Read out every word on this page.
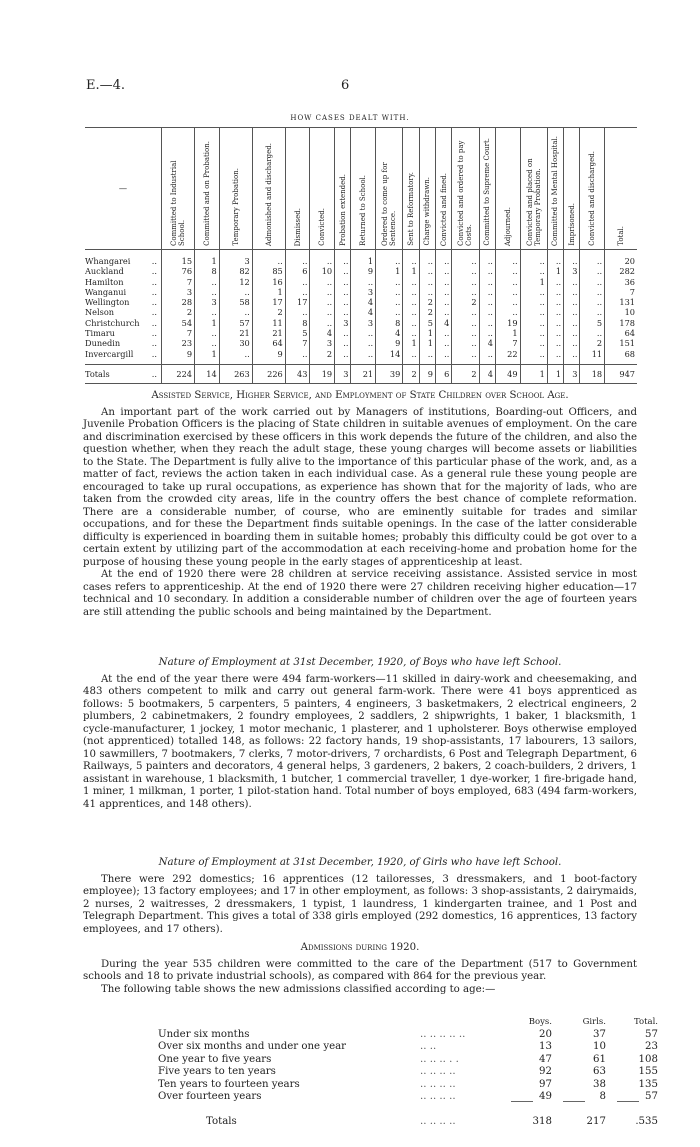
E.—4.	6
HOW CASES DEALT WITH.
—	Committed to Industrial School.	Committed and on Probation.	Temporary Probation.	Admonished and discharged.	Dismissed.	Convicted.	Probation extended.	Returned to School.	Ordered to come up for Sentence.	Sent to Reformatory.	Charge withdrawn.	Convicted and fined.	Convicted and ordered to pay Costs.	Committed to Supreme Court.	Adjourned.	Convicted and placed on Temporary Probation.	Committed to Mental Hospital.	Imprisoned.	Convicted and discharged.	Total.

Whangarei ..	15	1	3	..	..	..	..	1	..	..	..	..	..	..	..	..	..	..	..	20
Auckland ..	76	8	82	85	6	10	..	9	1	1	..	..	..	..	..	..	1	3	..	282
Hamilton ..	7	..	12	16	..	..	..	..	..	..	..	..	..	..	..	1	..	..	..	36
Wanganui ..	3	..	..	1	..	..	..	3	..	..	..	..	..	..	..	..	..	..	..	7
Wellington ..	28	3	58	17	17	..	..	4	..	..	2	..	2	..	..	..	..	..	..	131
Nelson ..	2	..	..	2	..	..	..	4	..	..	2	..	..	..	..	..	..	..	..	10
Christchurch ..	54	1	57	11	8	..	3	3	8	..	5	4	..	..	19	..	..	..	5	178
Timaru ..	7	..	21	21	5	4	..	..	4	..	1	..	..	..	1	..	..	..	..	64
Dunedin ..	23	..	30	64	7	3	..	..	9	1	1	..	..	4	7	..	..	..	2	151
Invercargill ..	9	1	..	9	..	2	..	..	14	..	..	..	..	..	22	..	..	..	11	68
Totals ..	224	14	263	226	43	19	3	21	39	2	9	6	2	4	49	1	1	3	18	947
Assisted Service, Higher Service, and Employment of State Children over School Age.

An important part of the work carried out by Managers of institutions, Boarding-out Officers, and Juvenile Probation Officers is the placing of State children in suitable avenues of employment. On the care and discrimination exercised by these officers in this work depends the future of the children, and also the question whether, when they reach the adult stage, these young charges will become assets or liabilities to the State. The Department is fully alive to the importance of this particular phase of the work, and, as a matter of fact, reviews the action taken in each individual case. As a general rule these young people are encouraged to take up rural occupations, as experience has shown that for the majority of lads, who are taken from the crowded city areas, life in the country offers the best chance of complete reformation. There are a considerable number, of course, who are eminently suitable for trades and similar occupations, and for these the Department finds suitable openings. In the case of the latter considerable difficulty is experienced in boarding them in suitable homes; probably this difficulty could be got over to a certain extent by utilizing part of the accommodation at each receiving-home and probation home for the purpose of housing these young people in the early stages of apprenticeship at least.

At the end of 1920 there were 28 children at service receiving assistance. Assisted service in most cases refers to apprenticeship. At the end of 1920 there were 27 children receiving higher education—17 technical and 10 secondary. In addition a considerable number of children over the age of fourteen years are still attending the public schools and being maintained by the Department.

Nature of Employment at 31st December, 1920, of Boys who have left School.

At the end of the year there were 494 farm-workers—11 skilled in dairy-work and cheesemaking, and 483 others competent to milk and carry out general farm-work. There were 41 boys apprenticed as follows: 5 bootmakers, 5 carpenters, 5 painters, 4 engineers, 3 basketmakers, 2 electrical engineers, 2 plumbers, 2 cabinetmakers, 2 foundry employees, 2 saddlers, 2 shipwrights, 1 baker, 1 blacksmith, 1 cycle-manufacturer, 1 jockey, 1 motor mechanic, 1 plasterer, and 1 upholsterer. Boys otherwise employed (not apprenticed) totalled 148, as follows: 22 factory hands, 19 shop-assistants, 17 labourers, 13 sailors, 10 sawmillers, 7 bootmakers, 7 clerks, 7 motor-drivers, 7 orchardists, 6 Post and Telegraph Department, 6 Railways, 5 painters and decorators, 4 general helps, 3 gardeners, 2 bakers, 2 coach-builders, 2 drivers, 1 assistant in warehouse, 1 blacksmith, 1 butcher, 1 commercial traveller, 1 dye-worker, 1 fire-brigade hand, 1 miner, 1 milkman, 1 porter, 1 pilot-station hand. Total number of boys employed, 683 (494 farm-workers, 41 apprentices, and 148 others).

Nature of Employment at 31st December, 1920, of Girls who have left School.

There were 292 domestics; 16 apprentices (12 tailoresses, 3 dressmakers, and 1 boot-factory employee); 13 factory employees; and 17 in other employment, as follows: 3 shop-assistants, 2 dairymaids, 2 nurses, 2 waitresses, 2 dressmakers, 1 typist, 1 laundress, 1 kindergarten trainee, and 1 Post and Telegraph Department. This gives a total of 338 girls employed (292 domestics, 16 apprentices, 13 factory employees, and 17 others).

Admissions during 1920.

During the year 535 children were committed to the care of the Department (517 to Government schools and 18 to private industrial schools), as compared with 864 for the previous year.

The following table shows the new admissions classified according to age:—

		Boys.	Girls.	Total.
Under six months	.. .. .. .. ..	20	37	57
Over six months and under one year	.. ..	13	10	23
One year to five years	.. .. .. . .	47	61	108
Five years to ten years	.. .. .. ..	92	63	155
Ten years to fourteen years	.. .. .. ..	97	38	135
Over fourteen years	.. .. .. ..	49	8	57
Totals	.. .. .. ..	318	217	.535
